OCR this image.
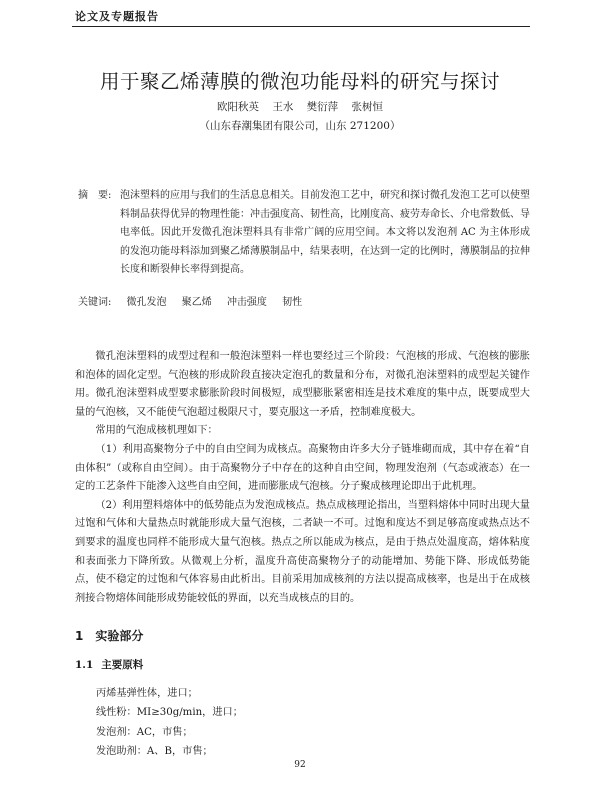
论文及专题报告
用于聚乙烯薄膜的微泡功能母料的研究与探讨
欧阳秋英 王水 樊衍萍 张树恒
（山东春潮集团有限公司，山东 271200）
摘　要: 泡沫塑料的应用与我们的生活息息相关。目前发泡工艺中，研究和探讨微孔发泡工艺可以使塑料制品获得优异的物理性能：冲击强度高、韧性高，比刚度高、疲劳寿命长、介电常数低、导电率低。因此开发微孔泡沫塑料具有非常广阔的应用空间。本文将以发泡剂 AC 为主体形成的发泡功能母料添加到聚乙烯薄膜制品中，结果表明，在达到一定的比例时，薄膜制品的拉伸长度和断裂伸长率得到提高。
关键词: 微孔发泡 聚乙烯 冲击强度 韧性

微孔泡沫塑料的成型过程和一般泡沫塑料一样也要经过三个阶段：气泡核的形成、气泡核的膨胀和泡体的固化定型。气泡核的形成阶段直接决定泡孔的数量和分布，对微孔泡沫塑料的成型起关键作用。微孔泡沫塑料成型要求膨胀阶段时间极短，成型膨胀紧密相连是技术难度的集中点，既要成型大量的气泡核，又不能使气泡超过极限尺寸，要克服这一矛盾，控制难度极大。

常用的气泡成核机理如下：

（1）利用高聚物分子中的自由空间为成核点。高聚物由许多大分子链堆砌而成，其中存在着“自由体积”（或称自由空间）。由于高聚物分子中存在的这种自由空间，物理发泡剂（气态或液态）在一定的工艺条件下能渗入这些自由空间，进而膨胀成气泡核。分子聚成核理论即出于此机理。

（2）利用塑料熔体中的低势能点为发泡成核点。热点成核理论指出，当塑料熔体中同时出现大量过饱和气体和大量热点时就能形成大量气泡核，二者缺一不可。过饱和度达不到足够高度或热点达不到要求的温度也同样不能形成大量气泡核。热点之所以能成为核点，是由于热点处温度高，熔体粘度和表面张力下降所致。从微观上分析，温度升高使高聚物分子的动能增加、势能下降、形成低势能点，使不稳定的过饱和气体容易由此析出。目前采用加成核剂的方法以提高成核率，也是出于在成核剂接合物熔体间能形成势能较低的界面，以充当成核点的目的。

1 实验部分
1.1 主要原料
丙烯基弹性体，进口；
线性粉：MI≥30g/min，进口；
发泡剂：AC，市售；
发泡助剂：A、B，市售；
92
